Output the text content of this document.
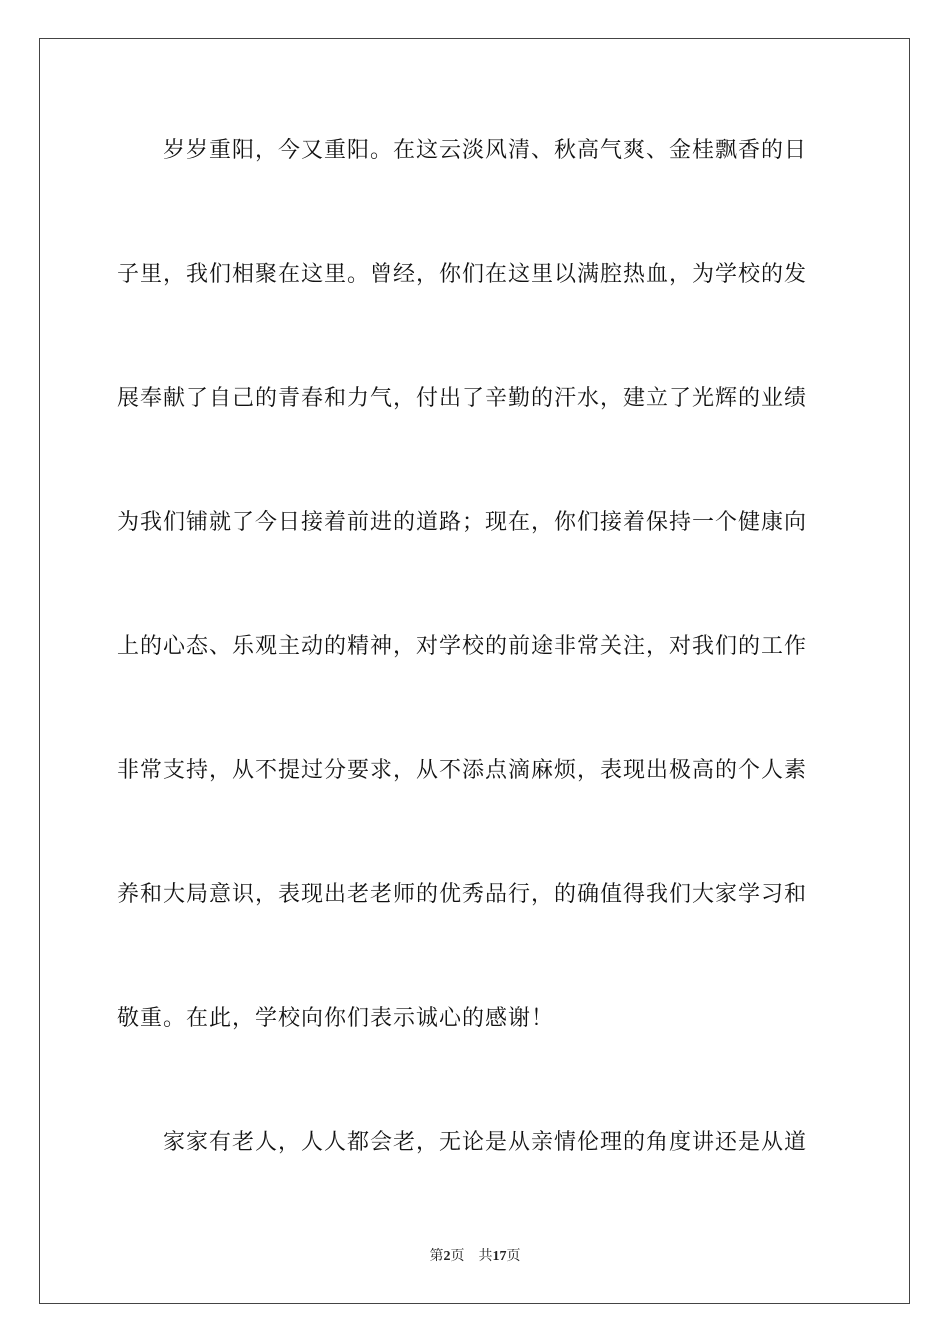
岁岁重阳，今又重阳。在这云淡风清、秋高气爽、金桂飘香的日
子里，我们相聚在这里。曾经，你们在这里以满腔热血，为学校的发
展奉献了自己的青春和力气，付出了辛勤的汗水，建立了光辉的业绩
为我们铺就了今日接着前进的道路；现在，你们接着保持一个健康向
上的心态、乐观主动的精神，对学校的前途非常关注，对我们的工作
非常支持，从不提过分要求，从不添点滴麻烦，表现出极高的个人素
养和大局意识，表现出老老师的优秀品行，的确值得我们大家学习和
敬重。在此，学校向你们表示诚心的感谢！
家家有老人，人人都会老，无论是从亲情伦理的角度讲还是从道
第2页 共17页
